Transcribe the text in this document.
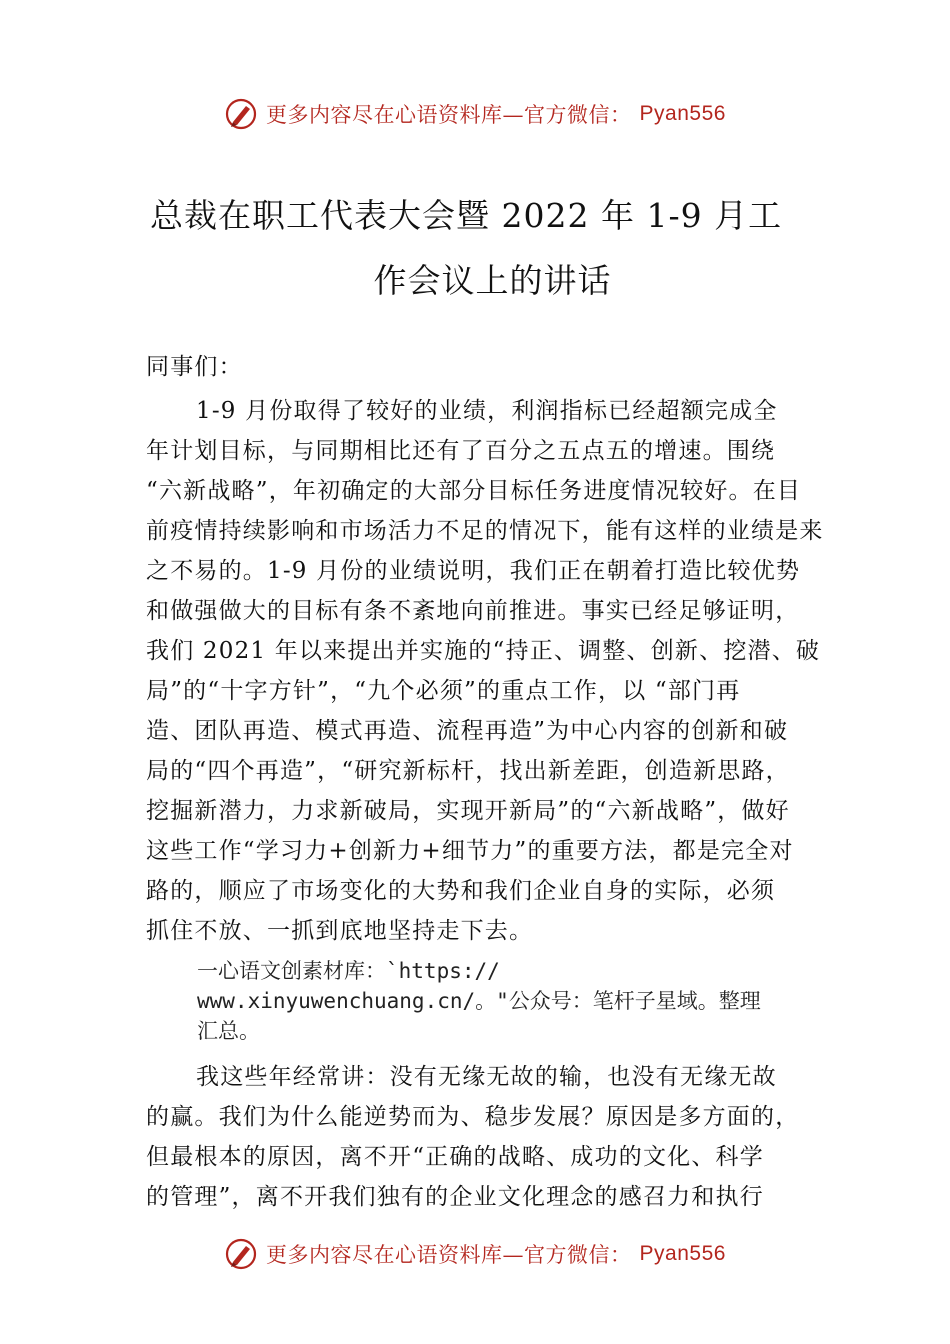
更多内容尽在心语资料库—官方微信： Pyan556
总裁在职工代表大会暨 2022 年 1-9 月工
作会议上的讲话
同事们：
1-9 月份取得了较好的业绩，利润指标已经超额完成全
年计划目标，与同期相比还有了百分之五点五的增速。围绕
“六新战略”，年初确定的大部分目标任务进度情况较好。在目
前疫情持续影响和市场活力不足的情况下，能有这样的业绩是来
之不易的。1-9 月份的业绩说明，我们正在朝着打造比较优势
和做强做大的目标有条不紊地向前推进。事实已经足够证明，
我们 2021 年以来提出并实施的“持正、调整、创新、挖潜、破
局”的“十字方针”，“九个必须”的重点工作，以 “部门再
造、团队再造、模式再造、流程再造”为中心内容的创新和破
局的“四个再造”，“研究新标杆，找出新差距，创造新思路，
挖掘新潜力，力求新破局，实现开新局”的“六新战略”，做好
这些工作“学习力+创新力+细节力”的重要方法，都是完全对
路的，顺应了市场变化的大势和我们企业自身的实际，必须
抓住不放、一抓到底地坚持走下去。
一心语文创素材库：`https://
www.xinyuwenchuang.cn/。"公众号：笔杆子星域。整理
汇总。
我这些年经常讲：没有无缘无故的输，也没有无缘无故
的赢。我们为什么能逆势而为、稳步发展？原因是多方面的，
但最根本的原因，离不开“正确的战略、成功的文化、科学
的管理”，离不开我们独有的企业文化理念的感召力和执行
更多内容尽在心语资料库—官方微信： Pyan556
